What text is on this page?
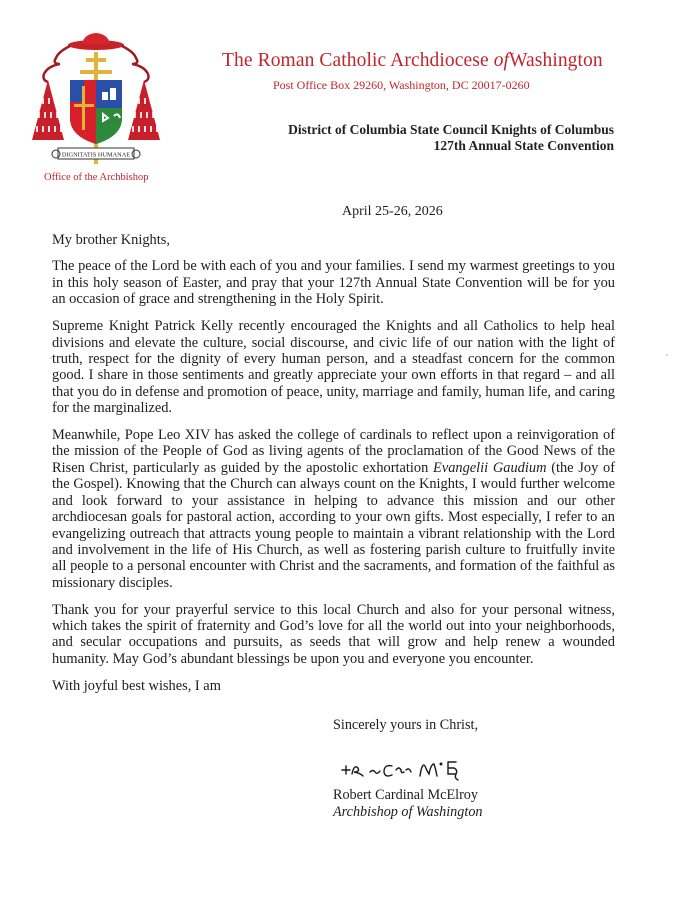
DIGNITATIS HUMANAE
Office of the Archbishop
The Roman Catholic Archdiocese ofWashington
Post Office Box 29260, Washington, DC 20017-0260
District of Columbia State Council Knights of Columbus
127th Annual State Convention
April 25-26, 2026

My brother Knights,

The peace of the Lord be with each of you and your families. I send my warmest greetings to you in this holy season of Easter, and pray that your 127th Annual State Convention will be for you an occasion of grace and strengthening in the Holy Spirit.

Supreme Knight Patrick Kelly recently encouraged the Knights and all Catholics to help heal divisions and elevate the culture, social discourse, and civic life of our nation with the light of truth, respect for the dignity of every human person, and a steadfast concern for the common good. I share in those sentiments and greatly appreciate your own efforts in that regard – and all that you do in defense and promotion of peace, unity, marriage and family, human life, and caring for the marginalized.

Meanwhile, Pope Leo XIV has asked the college of cardinals to reflect upon a reinvigoration of the mission of the People of God as living agents of the proclamation of the Good News of the Risen Christ, particularly as guided by the apostolic exhortation Evangelii Gaudium (the Joy of the Gospel). Knowing that the Church can always count on the Knights, I would further welcome and look forward to your assistance in helping to advance this mission and our other archdiocesan goals for pastoral action, according to your own gifts. Most especially, I refer to an evangelizing outreach that attracts young people to maintain a vibrant relationship with the Lord and involvement in the life of His Church, as well as fostering parish culture to fruitfully invite all people to a personal encounter with Christ and the sacraments, and formation of the faithful as missionary disciples.

Thank you for your prayerful service to this local Church and also for your personal witness, which takes the spirit of fraternity and God’s love for all the world out into your neighborhoods, and secular occupations and pursuits, as seeds that will grow and help renew a wounded humanity. May God’s abundant blessings be upon you and everyone you encounter.

With joyful best wishes, I am

Sincerely yours in Christ,
Robert Cardinal McElroy
Archbishop of Washington
